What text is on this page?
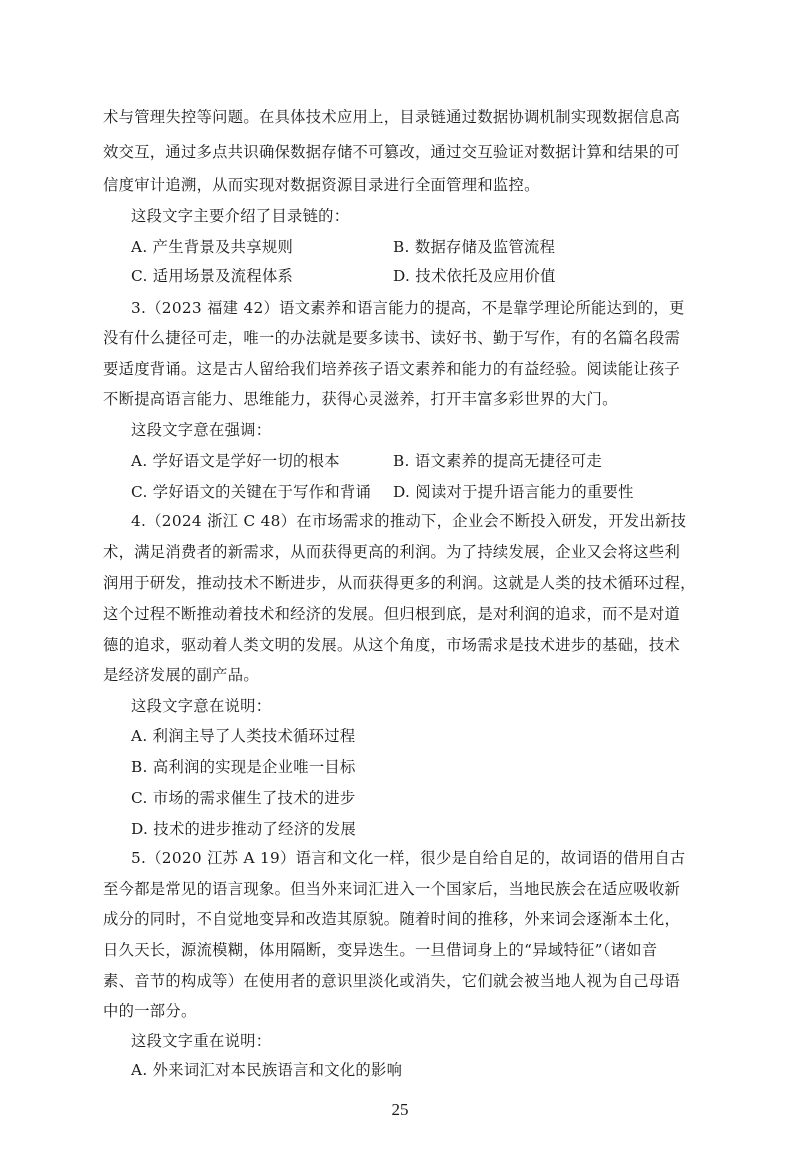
术与管理失控等问题。在具体技术应用上，目录链通过数据协调机制实现数据信息高
效交互，通过多点共识确保数据存储不可篡改，通过交互验证对数据计算和结果的可
信度审计追溯，从而实现对数据资源目录进行全面管理和监控。
这段文字主要介绍了目录链的：
A. 产生背景及共享规则	B. 数据存储及监管流程
C. 适用场景及流程体系	D. 技术依托及应用价值
3.（2023 福建 42）语文素养和语言能力的提高，不是靠学理论所能达到的，更
没有什么捷径可走，唯一的办法就是要多读书、读好书、勤于写作，有的名篇名段需
要适度背诵。这是古人留给我们培养孩子语文素养和能力的有益经验。阅读能让孩子
不断提高语言能力、思维能力，获得心灵滋养，打开丰富多彩世界的大门。
这段文字意在强调：
A. 学好语文是学好一切的根本	B. 语文素养的提高无捷径可走
C. 学好语文的关键在于写作和背诵 D. 阅读对于提升语言能力的重要性
4.（2024 浙江 C 48）在市场需求的推动下，企业会不断投入研发，开发出新技
术，满足消费者的新需求，从而获得更高的利润。为了持续发展，企业又会将这些利
润用于研发，推动技术不断进步，从而获得更多的利润。这就是人类的技术循环过程，
这个过程不断推动着技术和经济的发展。但归根到底，是对利润的追求，而不是对道
德的追求，驱动着人类文明的发展。从这个角度，市场需求是技术进步的基础，技术
是经济发展的副产品。
这段文字意在说明：
A. 利润主导了人类技术循环过程
B. 高利润的实现是企业唯一目标
C. 市场的需求催生了技术的进步
D. 技术的进步推动了经济的发展
5.（2020 江苏 A 19）语言和文化一样，很少是自给自足的，故词语的借用自古
至今都是常见的语言现象。但当外来词汇进入一个国家后，当地民族会在适应吸收新
成分的同时，不自觉地变异和改造其原貌。随着时间的推移，外来词会逐渐本土化，
日久天长，源流模糊，体用隔断，变异迭生。一旦借词身上的“异域特征”（诸如音
素、音节的构成等）在使用者的意识里淡化或消失，它们就会被当地人视为自己母语
中的一部分。
这段文字重在说明：
A. 外来词汇对本民族语言和文化的影响
25
